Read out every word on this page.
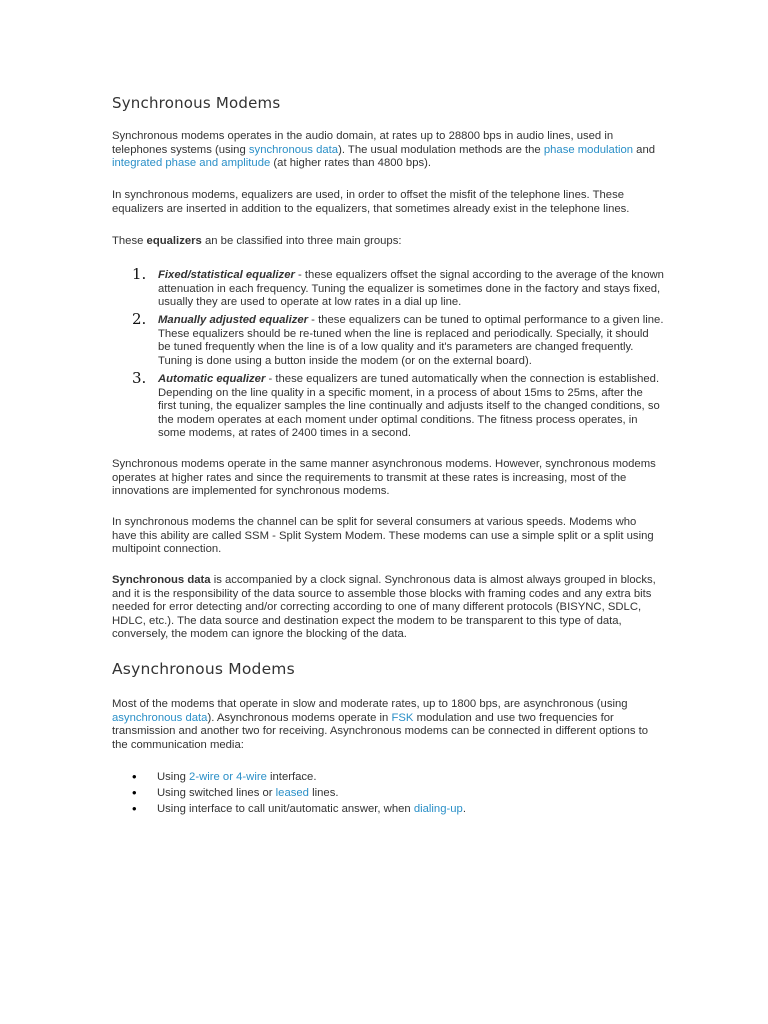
Synchronous Modems

Synchronous modems operates in the audio domain, at rates up to 28800 bps in audio lines, used in telephones systems (using synchronous data). The usual modulation methods are the phase modulation and integrated phase and amplitude (at higher rates than 4800 bps).

In synchronous modems, equalizers are used, in order to offset the misfit of the telephone lines. These equalizers are inserted in addition to the equalizers, that sometimes already exist in the telephone lines.

These equalizers an be classified into three main groups:

1. Fixed/statistical equalizer - these equalizers offset the signal according to the average of the known attenuation in each frequency. Tuning the equalizer is sometimes done in the factory and stays fixed, usually they are used to operate at low rates in a dial up line.
2. Manually adjusted equalizer - these equalizers can be tuned to optimal performance to a given line. These equalizers should be re-tuned when the line is replaced and periodically. Specially, it should be tuned frequently when the line is of a low quality and it's parameters are changed frequently. Tuning is done using a button inside the modem (or on the external board).
3. Automatic equalizer - these equalizers are tuned automatically when the connection is established. Depending on the line quality in a specific moment, in a process of about 15ms to 25ms, after the first tuning, the equalizer samples the line continually and adjusts itself to the changed conditions, so the modem operates at each moment under optimal conditions. The fitness process operates, in some modems, at rates of 2400 times in a second.

Synchronous modems operate in the same manner asynchronous modems. However, synchronous modems operates at higher rates and since the requirements to transmit at these rates is increasing, most of the innovations are implemented for synchronous modems.

In synchronous modems the channel can be split for several consumers at various speeds. Modems who have this ability are called SSM - Split System Modem. These modems can use a simple split or a split using multipoint connection.

Synchronous data is accompanied by a clock signal. Synchronous data is almost always grouped in blocks, and it is the responsibility of the data source to assemble those blocks with framing codes and any extra bits needed for error detecting and/or correcting according to one of many different protocols (BISYNC, SDLC, HDLC, etc.). The data source and destination expect the modem to be transparent to this type of data, conversely, the modem can ignore the blocking of the data.

Asynchronous Modems

Most of the modems that operate in slow and moderate rates, up to 1800 bps, are asynchronous (using asynchronous data). Asynchronous modems operate in FSK modulation and use two frequencies for transmission and another two for receiving. Asynchronous modems can be connected in different options to the communication media:

• Using 2-wire or 4-wire interface.
• Using switched lines or leased lines.
• Using interface to call unit/automatic answer, when dialing-up.
